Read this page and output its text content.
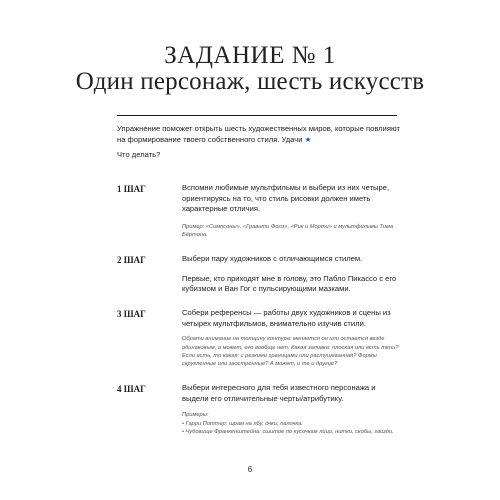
ЗАДАНИЕ № 1
Один персонаж, шесть искусств
Упражнение поможет открыть шесть художественных миров, которые повлияют на формирование твоего собственного стиля. Удачи ★
Что делать?
1 ШАГ	Вспомни любимые мультфильмы и выбери из них четыре, ориентируясь на то, что стиль рисовки должен иметь характерные отличия.

Пример: «Симпсоны», «Гравити Фолз», «Рик и Морти» и мультфильмы Тима Бёртона.

2 ШАГ	Выбери пару художников с отличающимся стилем.

Первые, кто приходят мне в голову, это Пабло Пикассо с его кубизмом и Ван Гог с пульсирующими мазками.

3 ШАГ	Собери референсы — работы двух художников и сцены из четырех мультфильмов, внимательно изучив стили.

Обрати внимание на толщину контура: меняется он или остается везде одинаковым, а может, его вообще нет. Какая заливка: плоская или есть тени? Если есть, то какая: с резкими границами или растушеванная? Формы скругленные или заостренные? А может, и те и другие?

4 ШАГ	Выбери интересного для тебя известного персонажа и выдели его отличительные черты/атрибутику.

Примеры:

• Гарри Поттер: шрам на лбу, очки, палочка.

• Чудовище Франкенштейна: сшитое по кусочкам лицо, нитки, скобы, гвозди.

6
